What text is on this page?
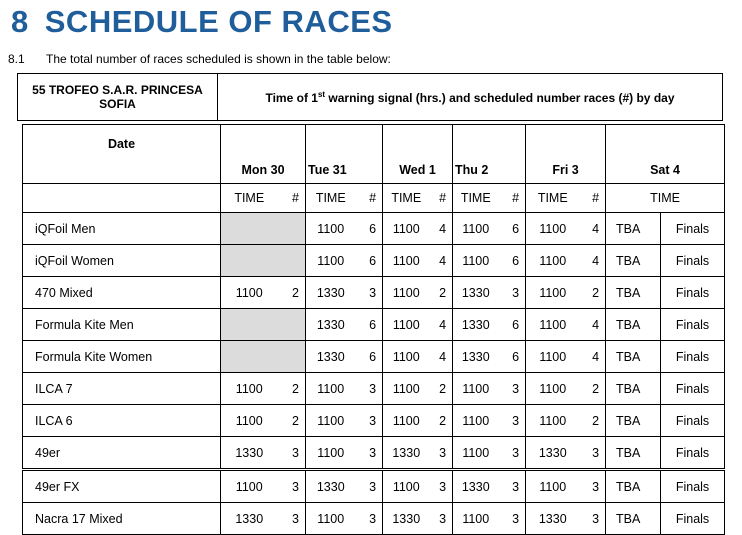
8 SCHEDULE OF RACES
8.1 The total number of races scheduled is shown in the table below:
55 TROFEO S.A.R. PRINCESA
SOFIA	Time of 1st warning signal (hrs.) and scheduled number races (#) by day
Date	Mon 30		Tue 31		Wed 1		Thu 2		Fri 3		Sat 4	
	TIME	#	TIME	#	TIME	#	TIME	#	TIME	#	TIME	
iQFoil Men			1100	6	1100	4	1100	6	1100	4	TBA	Finals
iQFoil Women			1100	6	1100	4	1100	6	1100	4	TBA	Finals
470 Mixed	1100	2	1330	3	1100	2	1330	3	1100	2	TBA	Finals
Formula Kite Men			1330	6	1100	4	1330	6	1100	4	TBA	Finals
Formula Kite Women			1330	6	1100	4	1330	6	1100	4	TBA	Finals
ILCA 7	1100	2	1100	3	1100	2	1100	3	1100	2	TBA	Finals
ILCA 6	1100	2	1100	3	1100	2	1100	3	1100	2	TBA	Finals
49er	1330	3	1100	3	1330	3	1100	3	1330	3	TBA	Finals
49er FX	1100	3	1330	3	1100	3	1330	3	1100	3	TBA	Finals
Nacra 17 Mixed	1330	3	1100	3	1330	3	1100	3	1330	3	TBA	Finals
